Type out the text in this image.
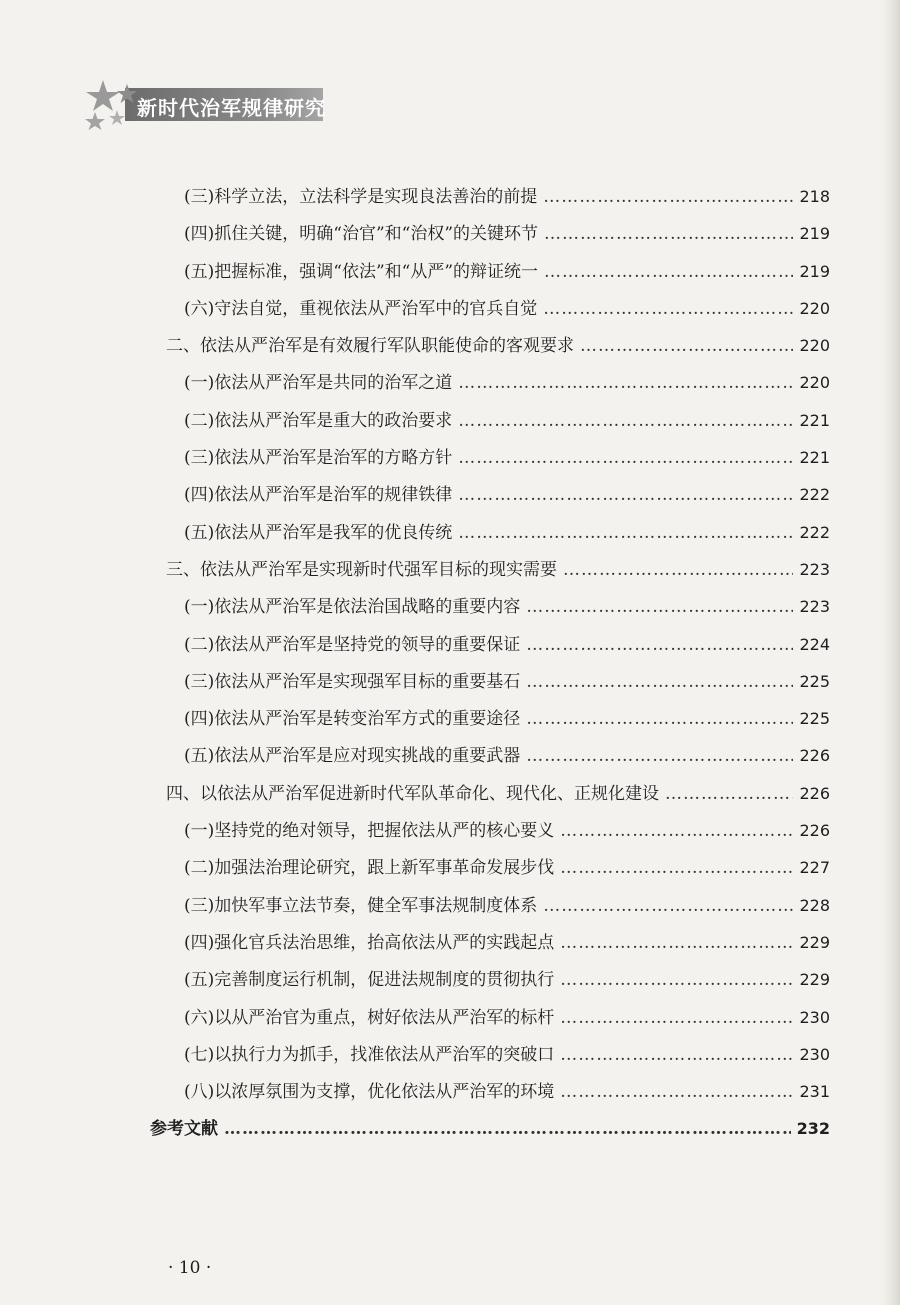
新时代治军规律研究
(三)科学立法，立法科学是实现良法善治的前提 ……………………………………………………………………………………………………………………………………………………………………………………………………	218
(四)抓住关键，明确“治官”和“治权”的关键环节 ……………………………………………………………………………………………………………………………………………………………………………………………………	219
(五)把握标准，强调“依法”和“从严”的辩证统一 ……………………………………………………………………………………………………………………………………………………………………………………………………	219
(六)守法自觉，重视依法从严治军中的官兵自觉 ……………………………………………………………………………………………………………………………………………………………………………………………………	220
二、依法从严治军是有效履行军队职能使命的客观要求 ……………………………………………………………………………………………………………………………………………………………………………………………………	220
(一)依法从严治军是共同的治军之道 ……………………………………………………………………………………………………………………………………………………………………………………………………	220
(二)依法从严治军是重大的政治要求 ……………………………………………………………………………………………………………………………………………………………………………………………………	221
(三)依法从严治军是治军的方略方针 ……………………………………………………………………………………………………………………………………………………………………………………………………	221
(四)依法从严治军是治军的规律铁律 ……………………………………………………………………………………………………………………………………………………………………………………………………	222
(五)依法从严治军是我军的优良传统 ……………………………………………………………………………………………………………………………………………………………………………………………………	222
三、依法从严治军是实现新时代强军目标的现实需要 ……………………………………………………………………………………………………………………………………………………………………………………………………	223
(一)依法从严治军是依法治国战略的重要内容 ……………………………………………………………………………………………………………………………………………………………………………………………………	223
(二)依法从严治军是坚持党的领导的重要保证 ……………………………………………………………………………………………………………………………………………………………………………………………………	224
(三)依法从严治军是实现强军目标的重要基石 ……………………………………………………………………………………………………………………………………………………………………………………………………	225
(四)依法从严治军是转变治军方式的重要途径 ……………………………………………………………………………………………………………………………………………………………………………………………………	225
(五)依法从严治军是应对现实挑战的重要武器 ……………………………………………………………………………………………………………………………………………………………………………………………………	226
四、以依法从严治军促进新时代军队革命化、现代化、正规化建设 ……………………………………………………………………………………………………………………………………………………………………………………………………	226
(一)坚持党的绝对领导，把握依法从严的核心要义 ……………………………………………………………………………………………………………………………………………………………………………………………………	226
(二)加强法治理论研究，跟上新军事革命发展步伐 ……………………………………………………………………………………………………………………………………………………………………………………………………	227
(三)加快军事立法节奏，健全军事法规制度体系 ……………………………………………………………………………………………………………………………………………………………………………………………………	228
(四)强化官兵法治思维，抬高依法从严的实践起点 ……………………………………………………………………………………………………………………………………………………………………………………………………	229
(五)完善制度运行机制，促进法规制度的贯彻执行 ……………………………………………………………………………………………………………………………………………………………………………………………………	229
(六)以从严治官为重点，树好依法从严治军的标杆 ……………………………………………………………………………………………………………………………………………………………………………………………………	230
(七)以执行力为抓手，找准依法从严治军的突破口 ……………………………………………………………………………………………………………………………………………………………………………………………………	230
(八)以浓厚氛围为支撑，优化依法从严治军的环境 ……………………………………………………………………………………………………………………………………………………………………………………………………	231
参考文献 ……………………………………………………………………………………………………………………………………………………………………………………………………	232
· 10 ·
